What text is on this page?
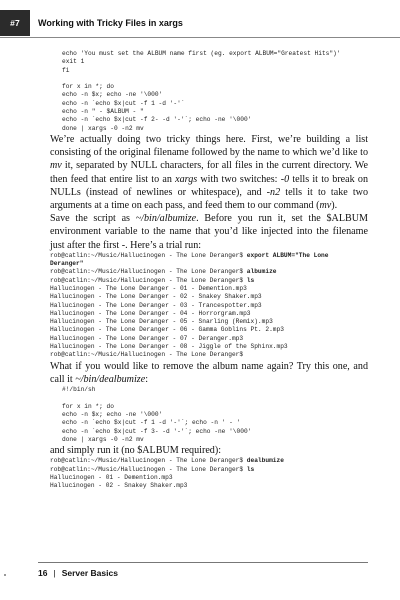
#7	Working with Tricky Files in xargs
echo 'You must set the ALBUM name first (eg. export ALBUM="Greatest Hits")'
exit 1
fi

for x in *; do
echo -n $x; echo -ne '\000'
echo -n `echo $x|cut -f 1 -d '-'`
echo -n " - $ALBUM - "
echo -n `echo $x|cut -f 2- -d '-'`; echo -ne '\000'
done | xargs -0 -n2 mv

We’re actually doing two tricky things here. First, we’re building a list consisting of the original filename followed by the name to which we’d like to mv it, separated by NULL characters, for all files in the current directory. We then feed that entire list to an xargs with two switches: -0 tells it to break on NULLs (instead of newlines or whitespace), and -n2 tells it to take two arguments at a time on each pass, and feed them to our command (mv).

Save the script as ~/bin/albumize. Before you run it, set the $ALBUM environment variable to the name that you’d like injected into the filename just after the first -. Here’s a trial run:

rob@catlin:~/Music/Hallucinogen - The Lone Deranger$ export ALBUM="The Lone
Deranger"
rob@catlin:~/Music/Hallucinogen - The Lone Deranger$ albumize
rob@catlin:~/Music/Hallucinogen - The Lone Deranger$ ls
Hallucinogen - The Lone Deranger - 01 - Demention.mp3
Hallucinogen - The Lone Deranger - 02 - Snakey Shaker.mp3
Hallucinogen - The Lone Deranger - 03 - Trancespotter.mp3
Hallucinogen - The Lone Deranger - 04 - Horrorgram.mp3
Hallucinogen - The Lone Deranger - 05 - Snarling (Remix).mp3
Hallucinogen - The Lone Deranger - 06 - Gamma Goblins Pt. 2.mp3
Hallucinogen - The Lone Deranger - 07 - Deranger.mp3
Hallucinogen - The Lone Deranger - 08 - Jiggle of the Sphinx.mp3
rob@catlin:~/Music/Hallucinogen - The Lone Deranger$

What if you would like to remove the album name again? Try this one, and call it ~/bin/dealbumize:

#!/bin/sh

for x in *; do
echo -n $x; echo -ne '\000'
echo -n `echo $x|cut -f 1 -d '-'`; echo -n ' - '
echo -n `echo $x|cut -f 3- -d '-'`; echo -ne '\000'
done | xargs -0 -n2 mv

and simply run it (no $ALBUM required):

rob@catlin:~/Music/Hallucinogen - The Lone Deranger$ dealbumize
rob@catlin:~/Music/Hallucinogen - The Lone Deranger$ ls
Hallucinogen - 01 - Demention.mp3
Hallucinogen - 02 - Snakey Shaker.mp3
16 | Server Basics
